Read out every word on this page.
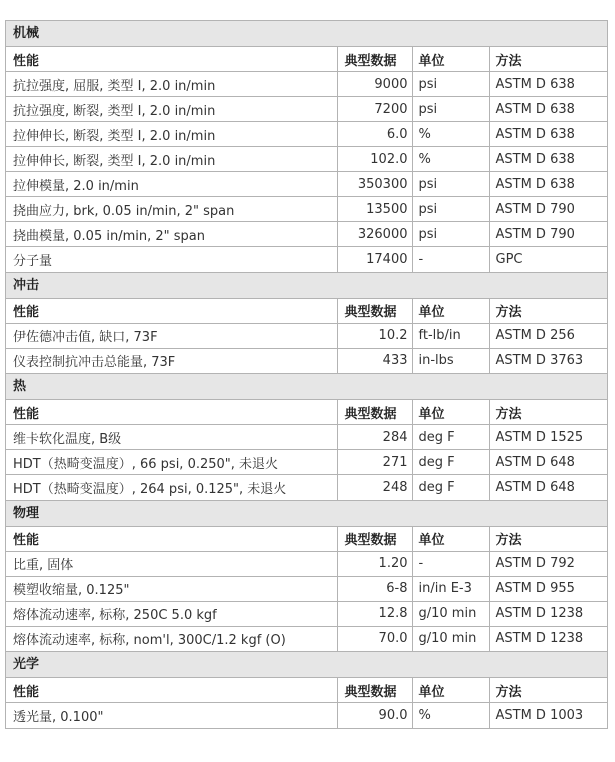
机械
性能	典型数据	单位	方法
抗拉强度, 屈服, 类型 I, 2.0 in/min	9000	psi	ASTM D 638
抗拉强度, 断裂, 类型 I, 2.0 in/min	7200	psi	ASTM D 638
拉伸伸长, 断裂, 类型 I, 2.0 in/min	6.0	%	ASTM D 638
拉伸伸长, 断裂, 类型 I, 2.0 in/min	102.0	%	ASTM D 638
拉伸模量, 2.0 in/min	350300	psi	ASTM D 638
挠曲应力, brk, 0.05 in/min, 2" span	13500	psi	ASTM D 790
挠曲模量, 0.05 in/min, 2" span	326000	psi	ASTM D 790
分子量	17400	-	GPC
冲击
性能	典型数据	单位	方法
伊佐德冲击值, 缺口, 73F	10.2	ft-lb/in	ASTM D 256
仪表控制抗冲击总能量, 73F	433	in-lbs	ASTM D 3763
热
性能	典型数据	单位	方法
维卡软化温度, B级	284	deg F	ASTM D 1525
HDT（热畸变温度）, 66 psi, 0.250", 未退火	271	deg F	ASTM D 648
HDT（热畸变温度）, 264 psi, 0.125", 未退火	248	deg F	ASTM D 648
物理
性能	典型数据	单位	方法
比重, 固体	1.20	-	ASTM D 792
模塑收缩量, 0.125"	6-8	in/in E-3	ASTM D 955
熔体流动速率, 标称, 250C 5.0 kgf	12.8	g/10 min	ASTM D 1238
熔体流动速率, 标称, nom'l, 300C/1.2 kgf (O)	70.0	g/10 min	ASTM D 1238
光学
性能	典型数据	单位	方法
透光量, 0.100"	90.0	%	ASTM D 1003
